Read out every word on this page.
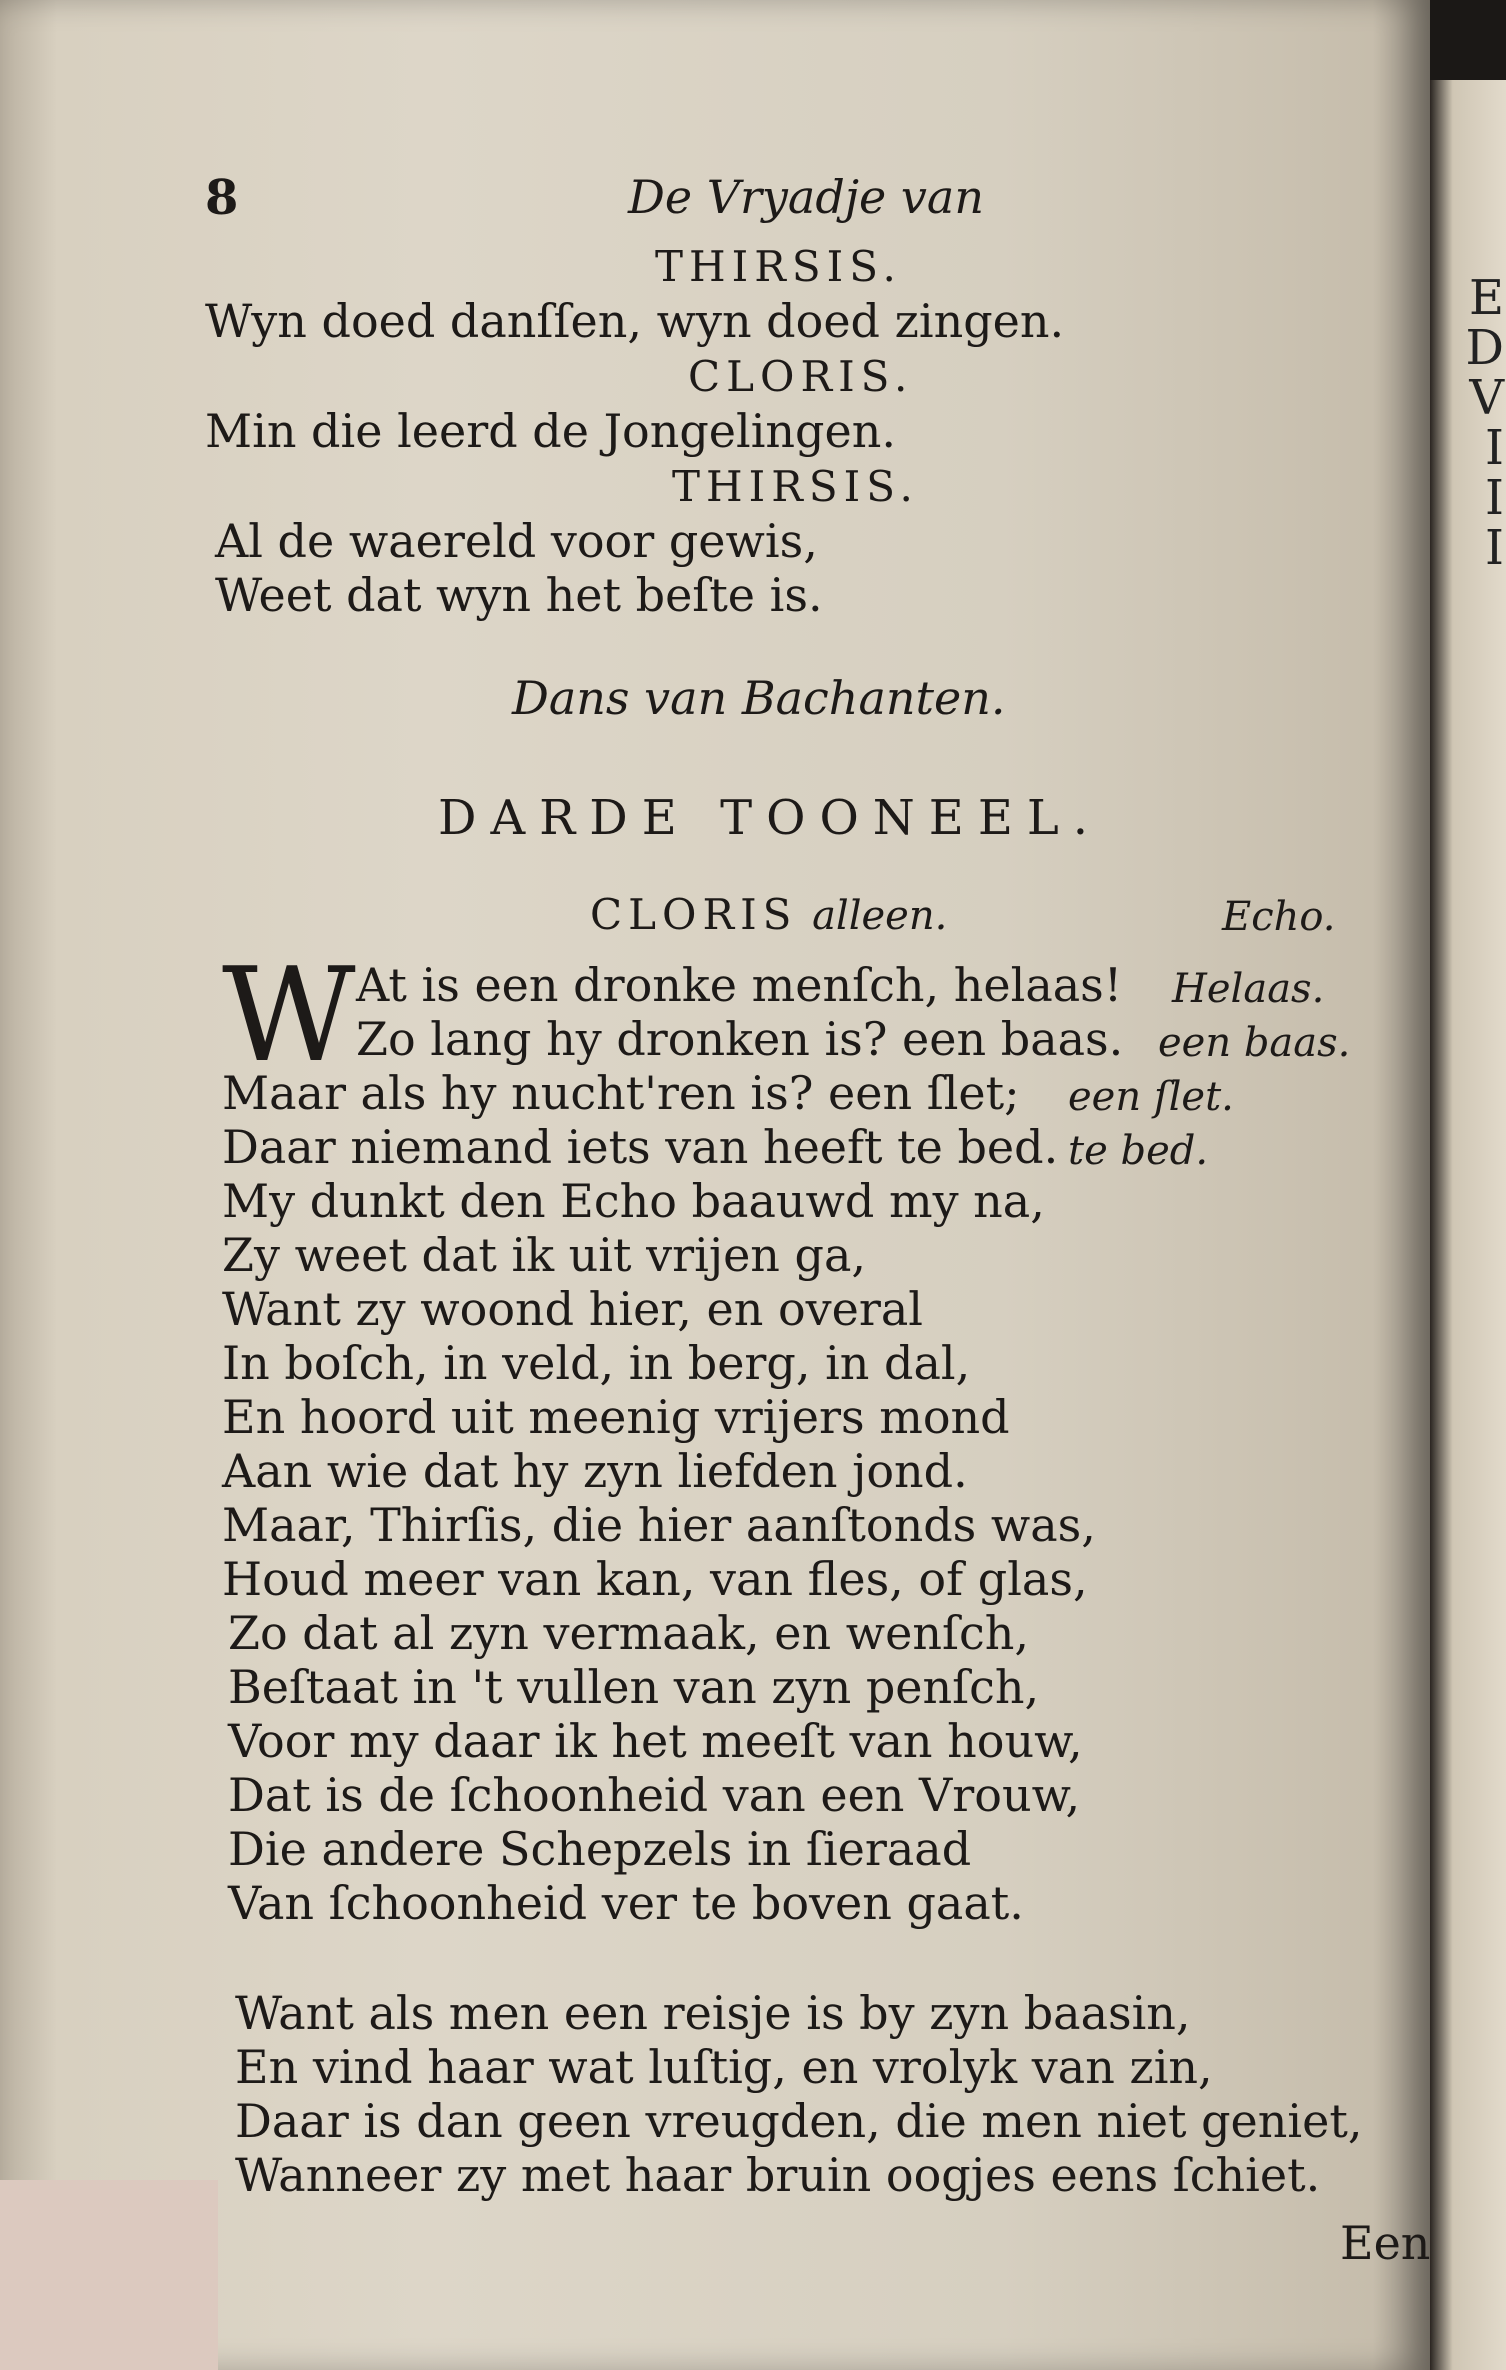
8	De Vryadje van
THIRSIS.
Wyn doed danſſen, wyn doed zingen.
CLORIS.
Min die leerd de Jongelingen.
THIRSIS.
Al de waereld voor gewis,
Weet dat wyn het beſte is.
Dans van Bachanten.
DARDE TOONEEL.
CLORIS alleen.	Echo.
W At is een dronke menſch, helaas! Helaas.
Zo lang hy dronken is? een baas. een baas.
Maar als hy nucht'ren is? een ſlet; een ſlet.
Daar niemand iets van heeft te bed. te bed.
My dunkt den Echo baauwd my na,
Zy weet dat ik uit vrijen ga,
Want zy woond hier, en overal
In boſch, in veld, in berg, in dal,
En hoord uit meenig vrijers mond
Aan wie dat hy zyn liefden jond.
Maar, Thirſis, die hier aanſtonds was,
Houd meer van kan, van fles, of glas,
Zo dat al zyn vermaak, en wenſch,
Beſtaat in 't vullen van zyn penſch,
Voor my daar ik het meeſt van houw,
Dat is de ſchoonheid van een Vrouw,
Die andere Schepzels in ſieraad
Van ſchoonheid ver te boven gaat.
Want als men een reisje is by zyn baasin,
En vind haar wat luſtig, en vrolyk van zin,
Daar is dan geen vreugden, die men niet geniet,
Wanneer zy met haar bruin oogjes eens ſchiet.
Een
E
D
V
I
I
I
